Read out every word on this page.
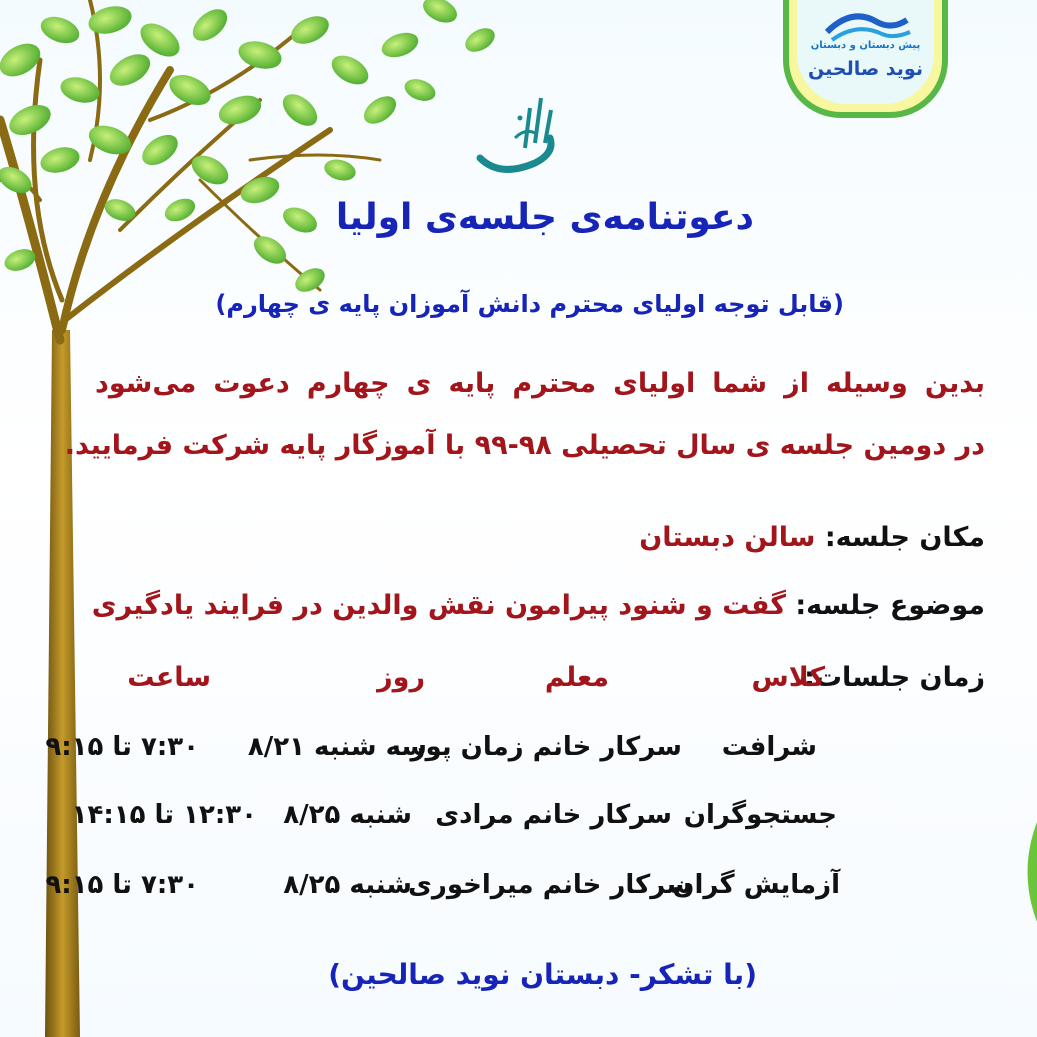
پیش دبستان و دبستان
نوید صالحین
دعوتنامه‌ی جلسه‌ی اولیا
(قابل توجه اولیای محترم دانش آموزان پایه ی چهارم)
بدین وسیله از شما اولیای محترم پایه ی چهارم دعوت می‌شود
در دومین جلسه ی سال تحصیلی ۹۸-۹۹ با آموزگار پایه شرکت فرمایید.
مکان جلسه: سالن دبستان
موضوع جلسه: گفت و شنود پیرامون نقش والدین در فرایند یادگیری
زمان جلسات:
کلاس
معلم
روز
ساعت
شرافت
سرکار خانم زمان پور
سه شنبه ۸/۲۱
۷:۳۰ تا ۹:۱۵
جستجوگران
سرکار خانم مرادی
شنبه ۸/۲۵
۱۲:۳۰ تا ۱۴:۱۵
آزمایش گران
سرکار خانم میراخوری
شنبه ۸/۲۵
۷:۳۰ تا ۹:۱۵
(با تشکر- دبستان نوید صالحین)
